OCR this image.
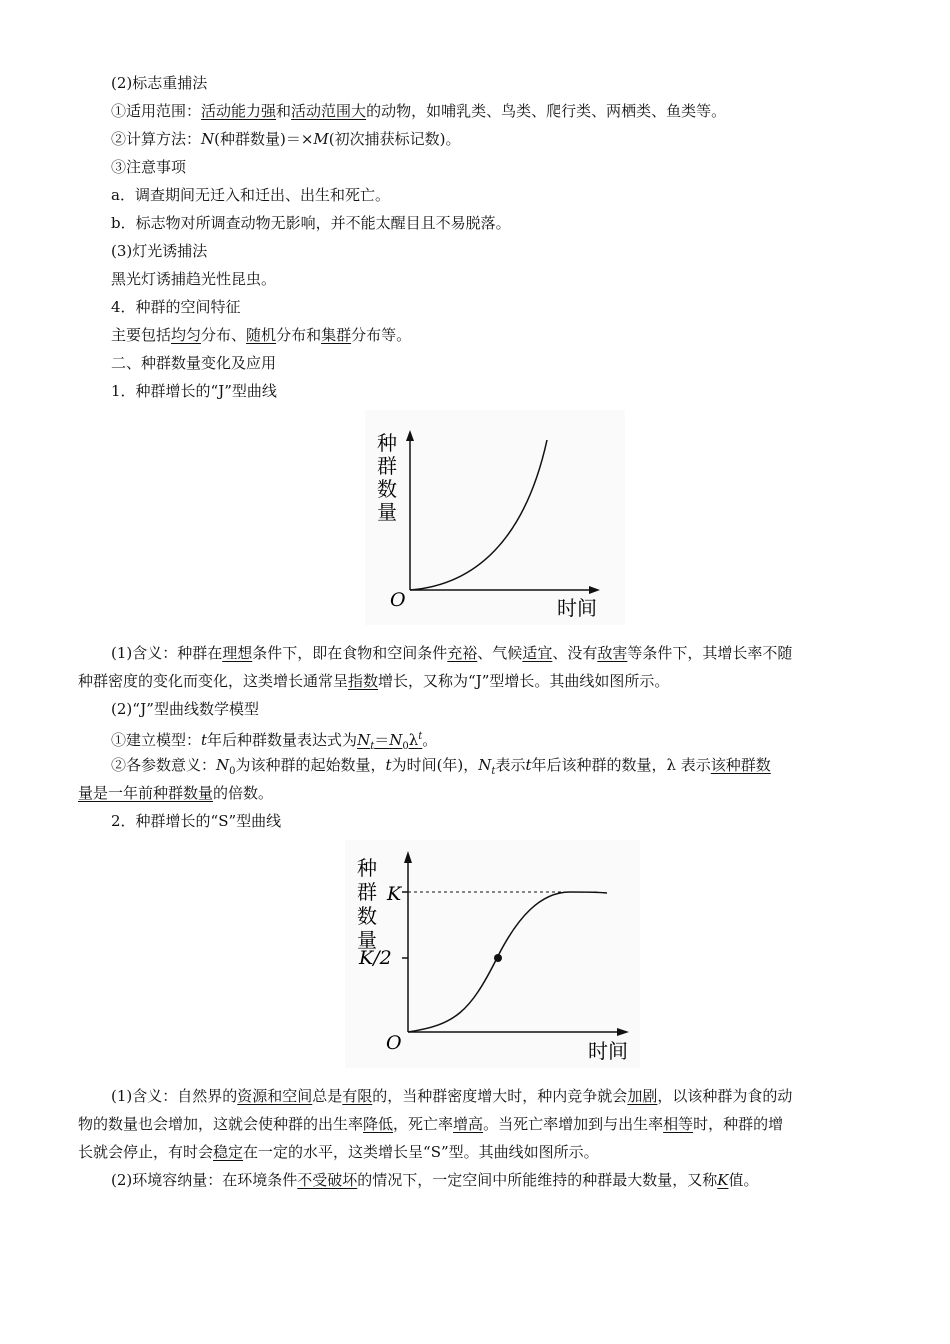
(2)标志重捕法
①适用范围：活动能力强和活动范围大的动物，如哺乳类、鸟类、爬行类、两栖类、鱼类等。
②计算方法：N(种群数量)＝×M(初次捕获标记数)。
③注意事项
a．调查期间无迁入和迁出、出生和死亡。
b．标志物对所调查动物无影响，并不能太醒目且不易脱落。
(3)灯光诱捕法
黑光灯诱捕趋光性昆虫。
4．种群的空间特征
主要包括均匀分布、随机分布和集群分布等。
二、种群数量变化及应用
1．种群增长的“J”型曲线
种
群
数
量
O	时间
(1)含义：种群在理想条件下，即在食物和空间条件充裕、气候适宜、没有敌害等条件下，其增长率不随
种群密度的变化而变化，这类增长通常呈指数增长，又称为“J”型增长。其曲线如图所示。
(2)“J”型曲线数学模型
①建立模型：t年后种群数量表达式为$N_t=N_0\lambda^t$。
②各参数意义：$N_0$为该种群的起始数量，t为时间(年)，$N_t$表示t年后该种群的数量，λ 表示该种群数
量是一年前种群数量的倍数。
2．种群增长的“S”型曲线
K
K/2
种
群
数
量
O	时间
(1)含义：自然界的资源和空间总是有限的，当种群密度增大时，种内竞争就会加剧，以该种群为食的动
物的数量也会增加，这就会使种群的出生率降低，死亡率增高。当死亡率增加到与出生率相等时，种群的增
长就会停止，有时会稳定在一定的水平，这类增长呈“S”型。其曲线如图所示。
(2)环境容纳量：在环境条件不受破坏的情况下，一定空间中所能维持的种群最大数量，又称K值。
